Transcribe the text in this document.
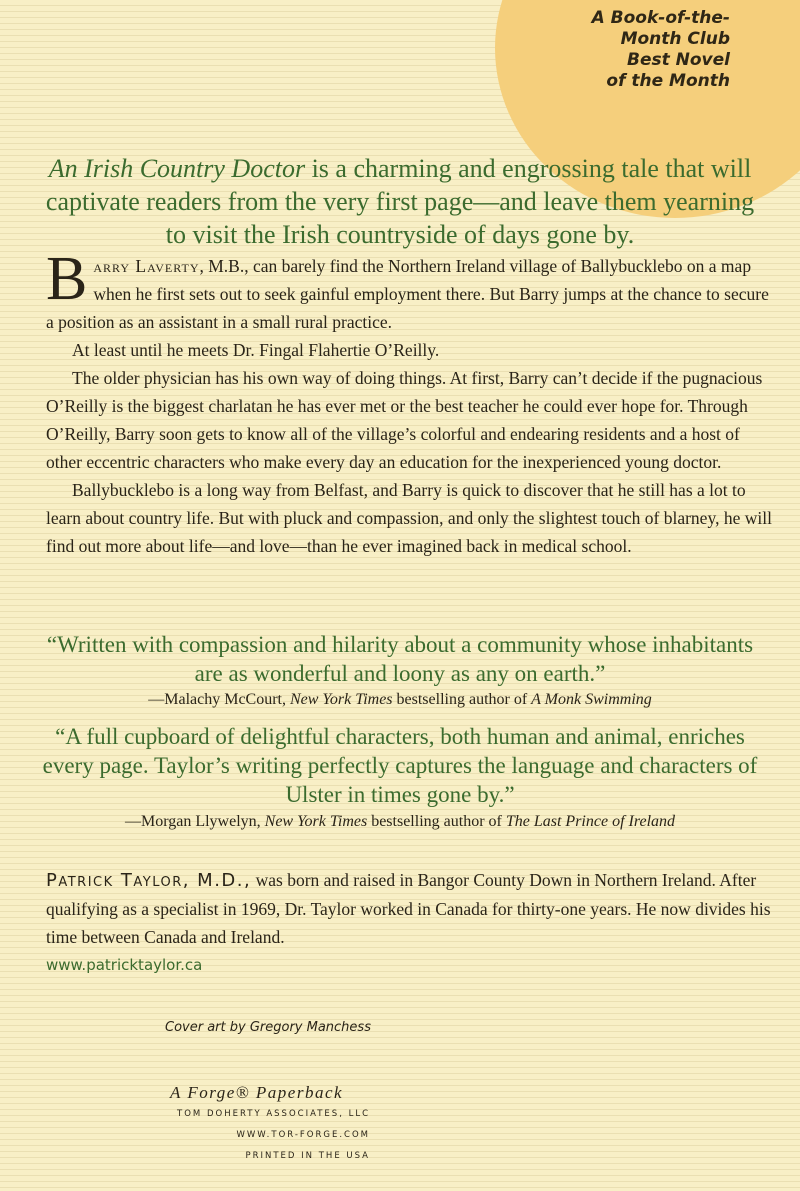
A Book-of-the-
Month Club
Best Novel
of the Month
An Irish Country Doctor is a charming and engrossing tale that will captivate readers from the very first page—and leave them yearning to visit the Irish countryside of days gone by.

Barry Laverty, M.B., can barely find the Northern Ireland village of Ballybucklebo on a map when he first sets out to seek gainful employment there. But Barry jumps at the chance to secure a position as an assistant in a small rural practice.

At least until he meets Dr. Fingal Flahertie O’Reilly.

The older physician has his own way of doing things. At first, Barry can’t decide if the pugnacious O’Reilly is the biggest charlatan he has ever met or the best teacher he could ever hope for. Through O’Reilly, Barry soon gets to know all of the village’s colorful and endearing residents and a host of other eccentric characters who make every day an education for the inexperienced young doctor.

Ballybucklebo is a long way from Belfast, and Barry is quick to discover that he still has a lot to learn about country life. But with pluck and compassion, and only the slightest touch of blarney, he will find out more about life—and love—than he ever imagined back in medical school.

“Written with compassion and hilarity about a community whose inhabitants are as wonderful and loony as any on earth.”
—Malachy McCourt, New York Times bestselling author of A Monk Swimming
“A full cupboard of delightful characters, both human and animal, enriches every page. Taylor’s writing perfectly captures the language and characters of Ulster in times gone by.”
—Morgan Llywelyn, New York Times bestselling author of The Last Prince of Ireland
Patrick Taylor, M.D., was born and raised in Bangor County Down in Northern Ireland. After qualifying as a specialist in 1969, Dr. Taylor worked in Canada for thirty-one years. He now divides his time between Canada and Ireland.
www.patricktaylor.ca
Cover art by Gregory Manchess
A Forge® Paperback
TOM DOHERTY ASSOCIATES, LLC
WWW.TOR-FORGE.COM
PRINTED IN THE USA
